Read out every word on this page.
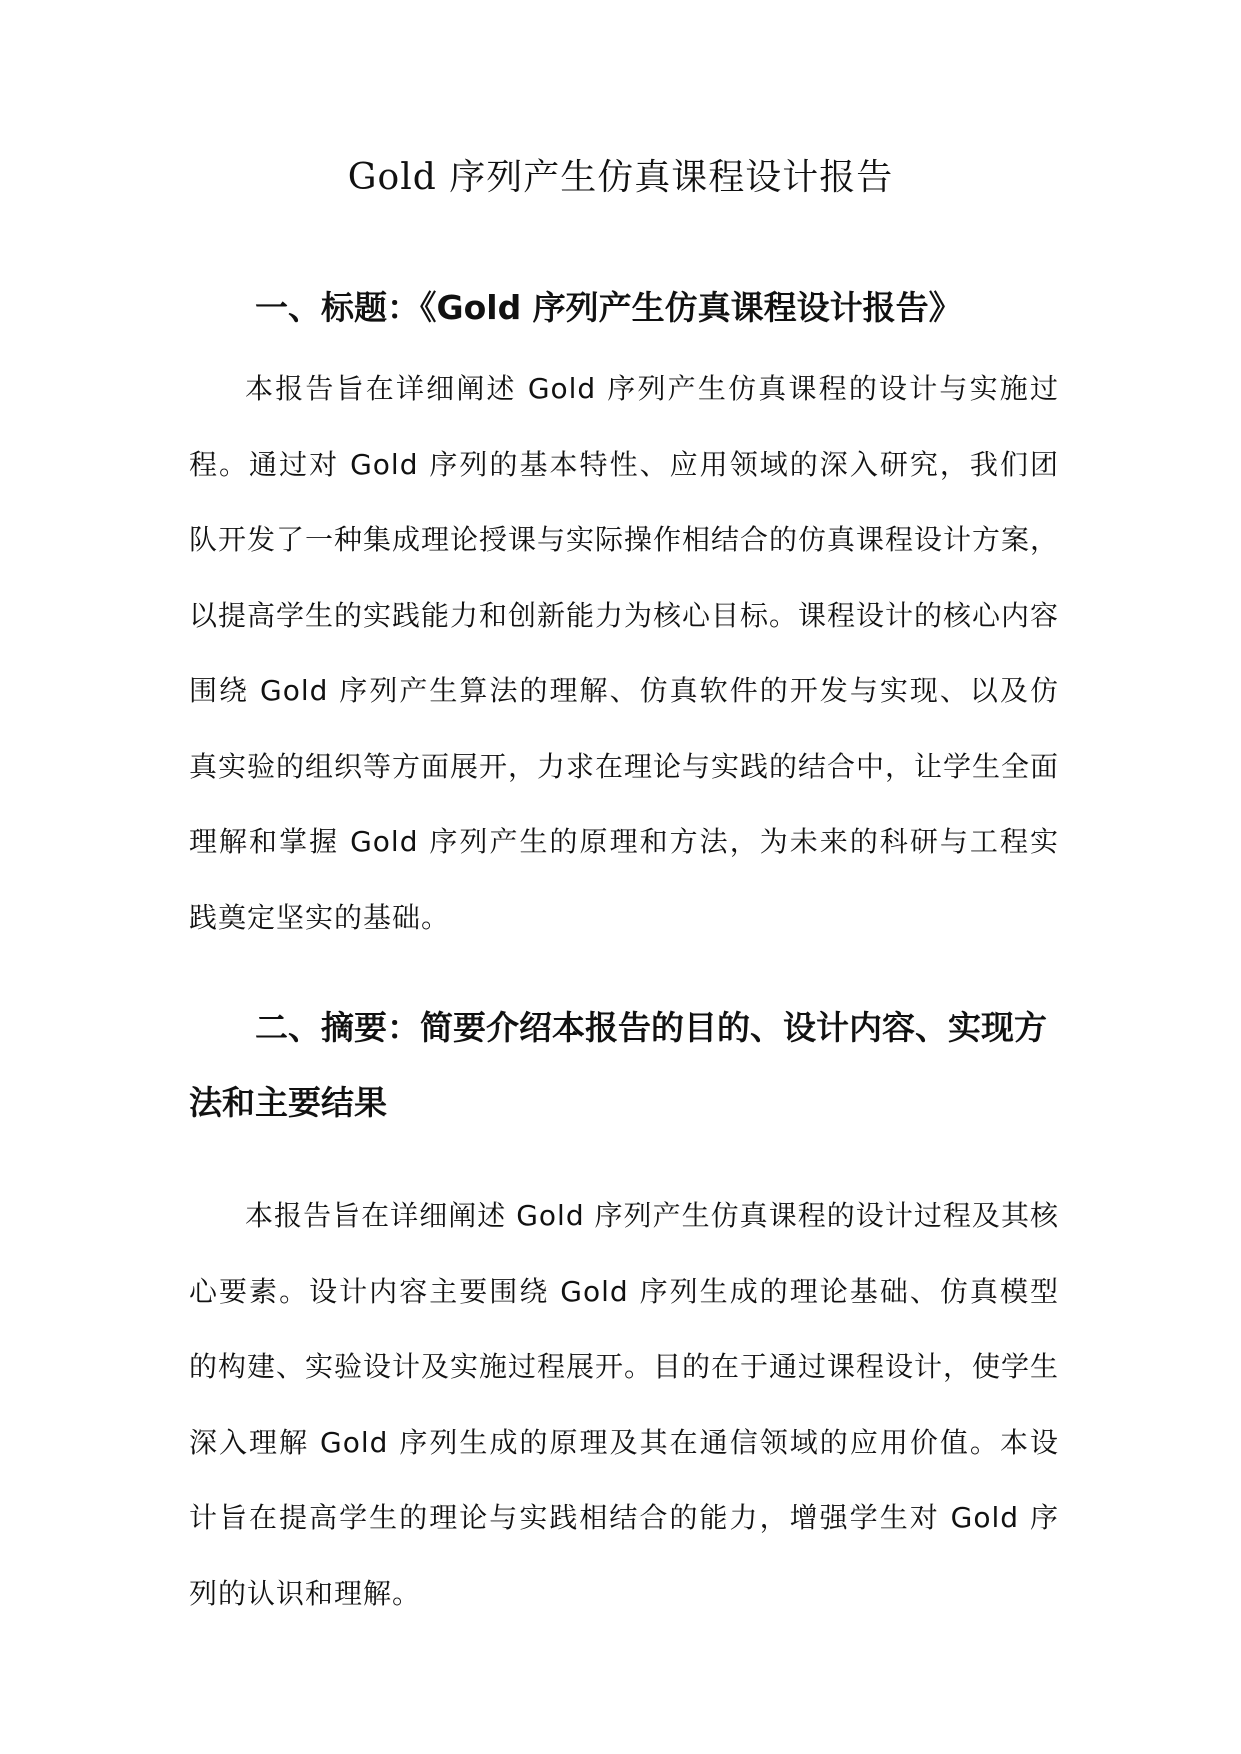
Gold 序列产生仿真课程设计报告
一、标题：《Gold 序列产生仿真课程设计报告》

本报告旨在详细阐述 Gold 序列产生仿真课程的设计与实施过程。通过对 Gold 序列的基本特性、应用领域的深入研究，我们团队开发了一种集成理论授课与实际操作相结合的仿真课程设计方案，以提高学生的实践能力和创新能力为核心目标。课程设计的核心内容围绕 Gold 序列产生算法的理解、仿真软件的开发与实现、以及仿真实验的组织等方面展开，力求在理论与实践的结合中，让学生全面理解和掌握 Gold 序列产生的原理和方法，为未来的科研与工程实践奠定坚实的基础。

二、摘要：简要介绍本报告的目的、设计内容、实现方法和主要结果

本报告旨在详细阐述 Gold 序列产生仿真课程的设计过程及其核心要素。设计内容主要围绕 Gold 序列生成的理论基础、仿真模型的构建、实验设计及实施过程展开。目的在于通过课程设计，使学生深入理解 Gold 序列生成的原理及其在通信领域的应用价值。本设计旨在提高学生的理论与实践相结合的能力，增强学生对 Gold 序列的认识和理解。
